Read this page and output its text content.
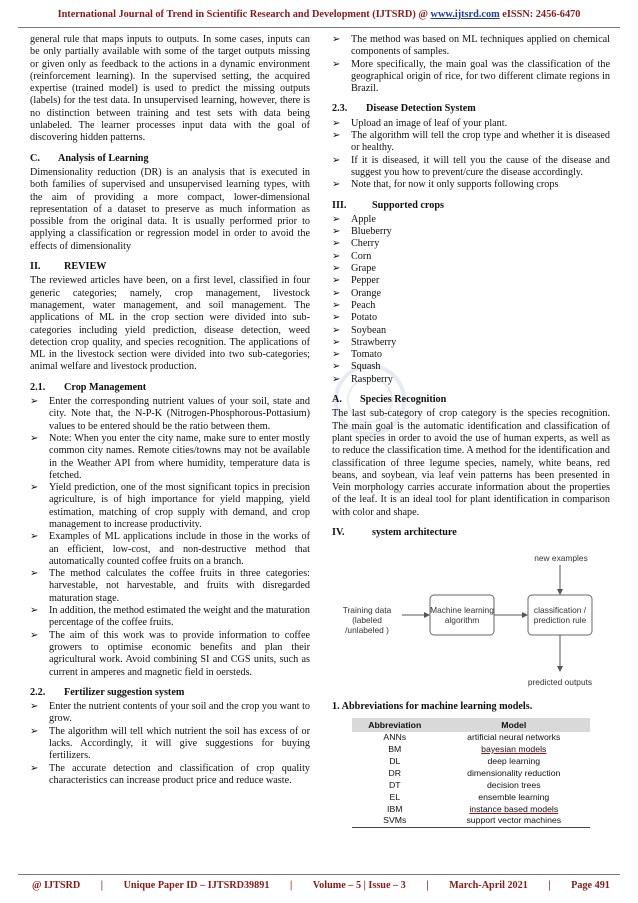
International Journal of Trend in Scientific Research and Development (IJTSRD) @ www.ijtsrd.com eISSN: 2456-6470

general rule that maps inputs to outputs. In some cases, inputs can be only partially available with some of the target outputs missing or given only as feedback to the actions in a dynamic environment (reinforcement learning). In the supervised setting, the acquired expertise (trained model) is used to predict the missing outputs (labels) for the test data. In unsupervised learning, however, there is no distinction between training and test sets with data being unlabeled. The learner processes input data with the goal of discovering hidden patterns.

C. Analysis of Learning

Dimensionality reduction (DR) is an analysis that is executed in both families of supervised and unsupervised learning types, with the aim of providing a more compact, lower-dimensional representation of a dataset to preserve as much information as possible from the original data. It is usually performed prior to applying a classification or regression model in order to avoid the effects of dimensionality

II. REVIEW

The reviewed articles have been, on a first level, classified in four generic categories; namely, crop management, livestock management, water management, and soil management. The applications of ML in the crop section were divided into sub-categories including yield prediction, disease detection, weed detection crop quality, and species recognition. The applications of ML in the livestock section were divided into two sub-categories; animal welfare and livestock production.

2.1. Crop Management
➢ Enter the corresponding nutrient values of your soil, state and city. Note that, the N-P-K (Nitrogen-Phosphorous-Pottasium) values to be entered should be the ratio between them.
➢ Note: When you enter the city name, make sure to enter mostly common city names. Remote cities/towns may not be available in the Weather API from where humidity, temperature data is fetched.
➢ Yield prediction, one of the most significant topics in precision agriculture, is of high importance for yield mapping, yield estimation, matching of crop supply with demand, and crop management to increase productivity.
➢ Examples of ML applications include in those in the works of an efficient, low-cost, and non-destructive method that automatically counted coffee fruits on a branch.
➢ The method calculates the coffee fruits in three categories: harvestable, not harvestable, and fruits with disregarded maturation stage.
➢ In addition, the method estimated the weight and the maturation percentage of the coffee fruits.
➢ The aim of this work was to provide information to coffee growers to optimise economic benefits and plan their agricultural work. Avoid combining SI and CGS units, such as current in amperes and magnetic field in oersteds.
2.2. Fertilizer suggestion system
➢ Enter the nutrient contents of your soil and the crop you want to grow.
➢ The algorithm will tell which nutrient the soil has excess of or lacks. Accordingly, it will give suggestions for buying fertilizers.
➢ The accurate detection and classification of crop quality characteristics can increase product price and reduce waste.
➢ The method was based on ML techniques applied on chemical components of samples.
➢ More specifically, the main goal was the classification of the geographical origin of rice, for two different climate regions in Brazil.
2.3. Disease Detection System
➢ Upload an image of leaf of your plant.
➢ The algorithm will tell the crop type and whether it is diseased or healthy.
➢ If it is diseased, it will tell you the cause of the disease and suggest you how to prevent/cure the disease accordingly.
➢ Note that, for now it only supports following crops
III.	Supported crops
➢ Apple
➢ Blueberry
➢ Cherry
➢ Corn
➢ Grape
➢ Pepper
➢ Orange
➢ Peach
➢ Potato
➢ Soybean
➢ Strawberry
➢ Tomato
➢ Squash
➢ Raspberry
A. Species Recognition

The last sub-category of crop category is the species recognition. The main goal is the automatic identification and classification of plant species in order to avoid the use of human experts, as well as to reduce the classification time. A method for the identification and classification of three legume species, namely, white beans, red beans, and soybean, via leaf vein patterns has been presented in Vein morphology carries accurate information about the properties of the leaf. It is an ideal tool for plant identification in comparison with color and shape.

IV.	system architecture
new examples
Training data
(labeled /unlabeled )
Machine learning
algorithm
classification /
prediction rule
predicted outputs
1. Abbreviations for machine learning models.
Abbreviation	Model
ANNs	artificial neural networks
BM	bayesian models
DL	deep learning
DR	dimensionality reduction
DT	decision trees
EL	ensemble learning
IBM	instance based models
SVMs	support vector machines
@ IJTSRD | Unique Paper ID – IJTSRD39891 | Volume – 5 | Issue – 3 | March-April 2021 | Page 491
